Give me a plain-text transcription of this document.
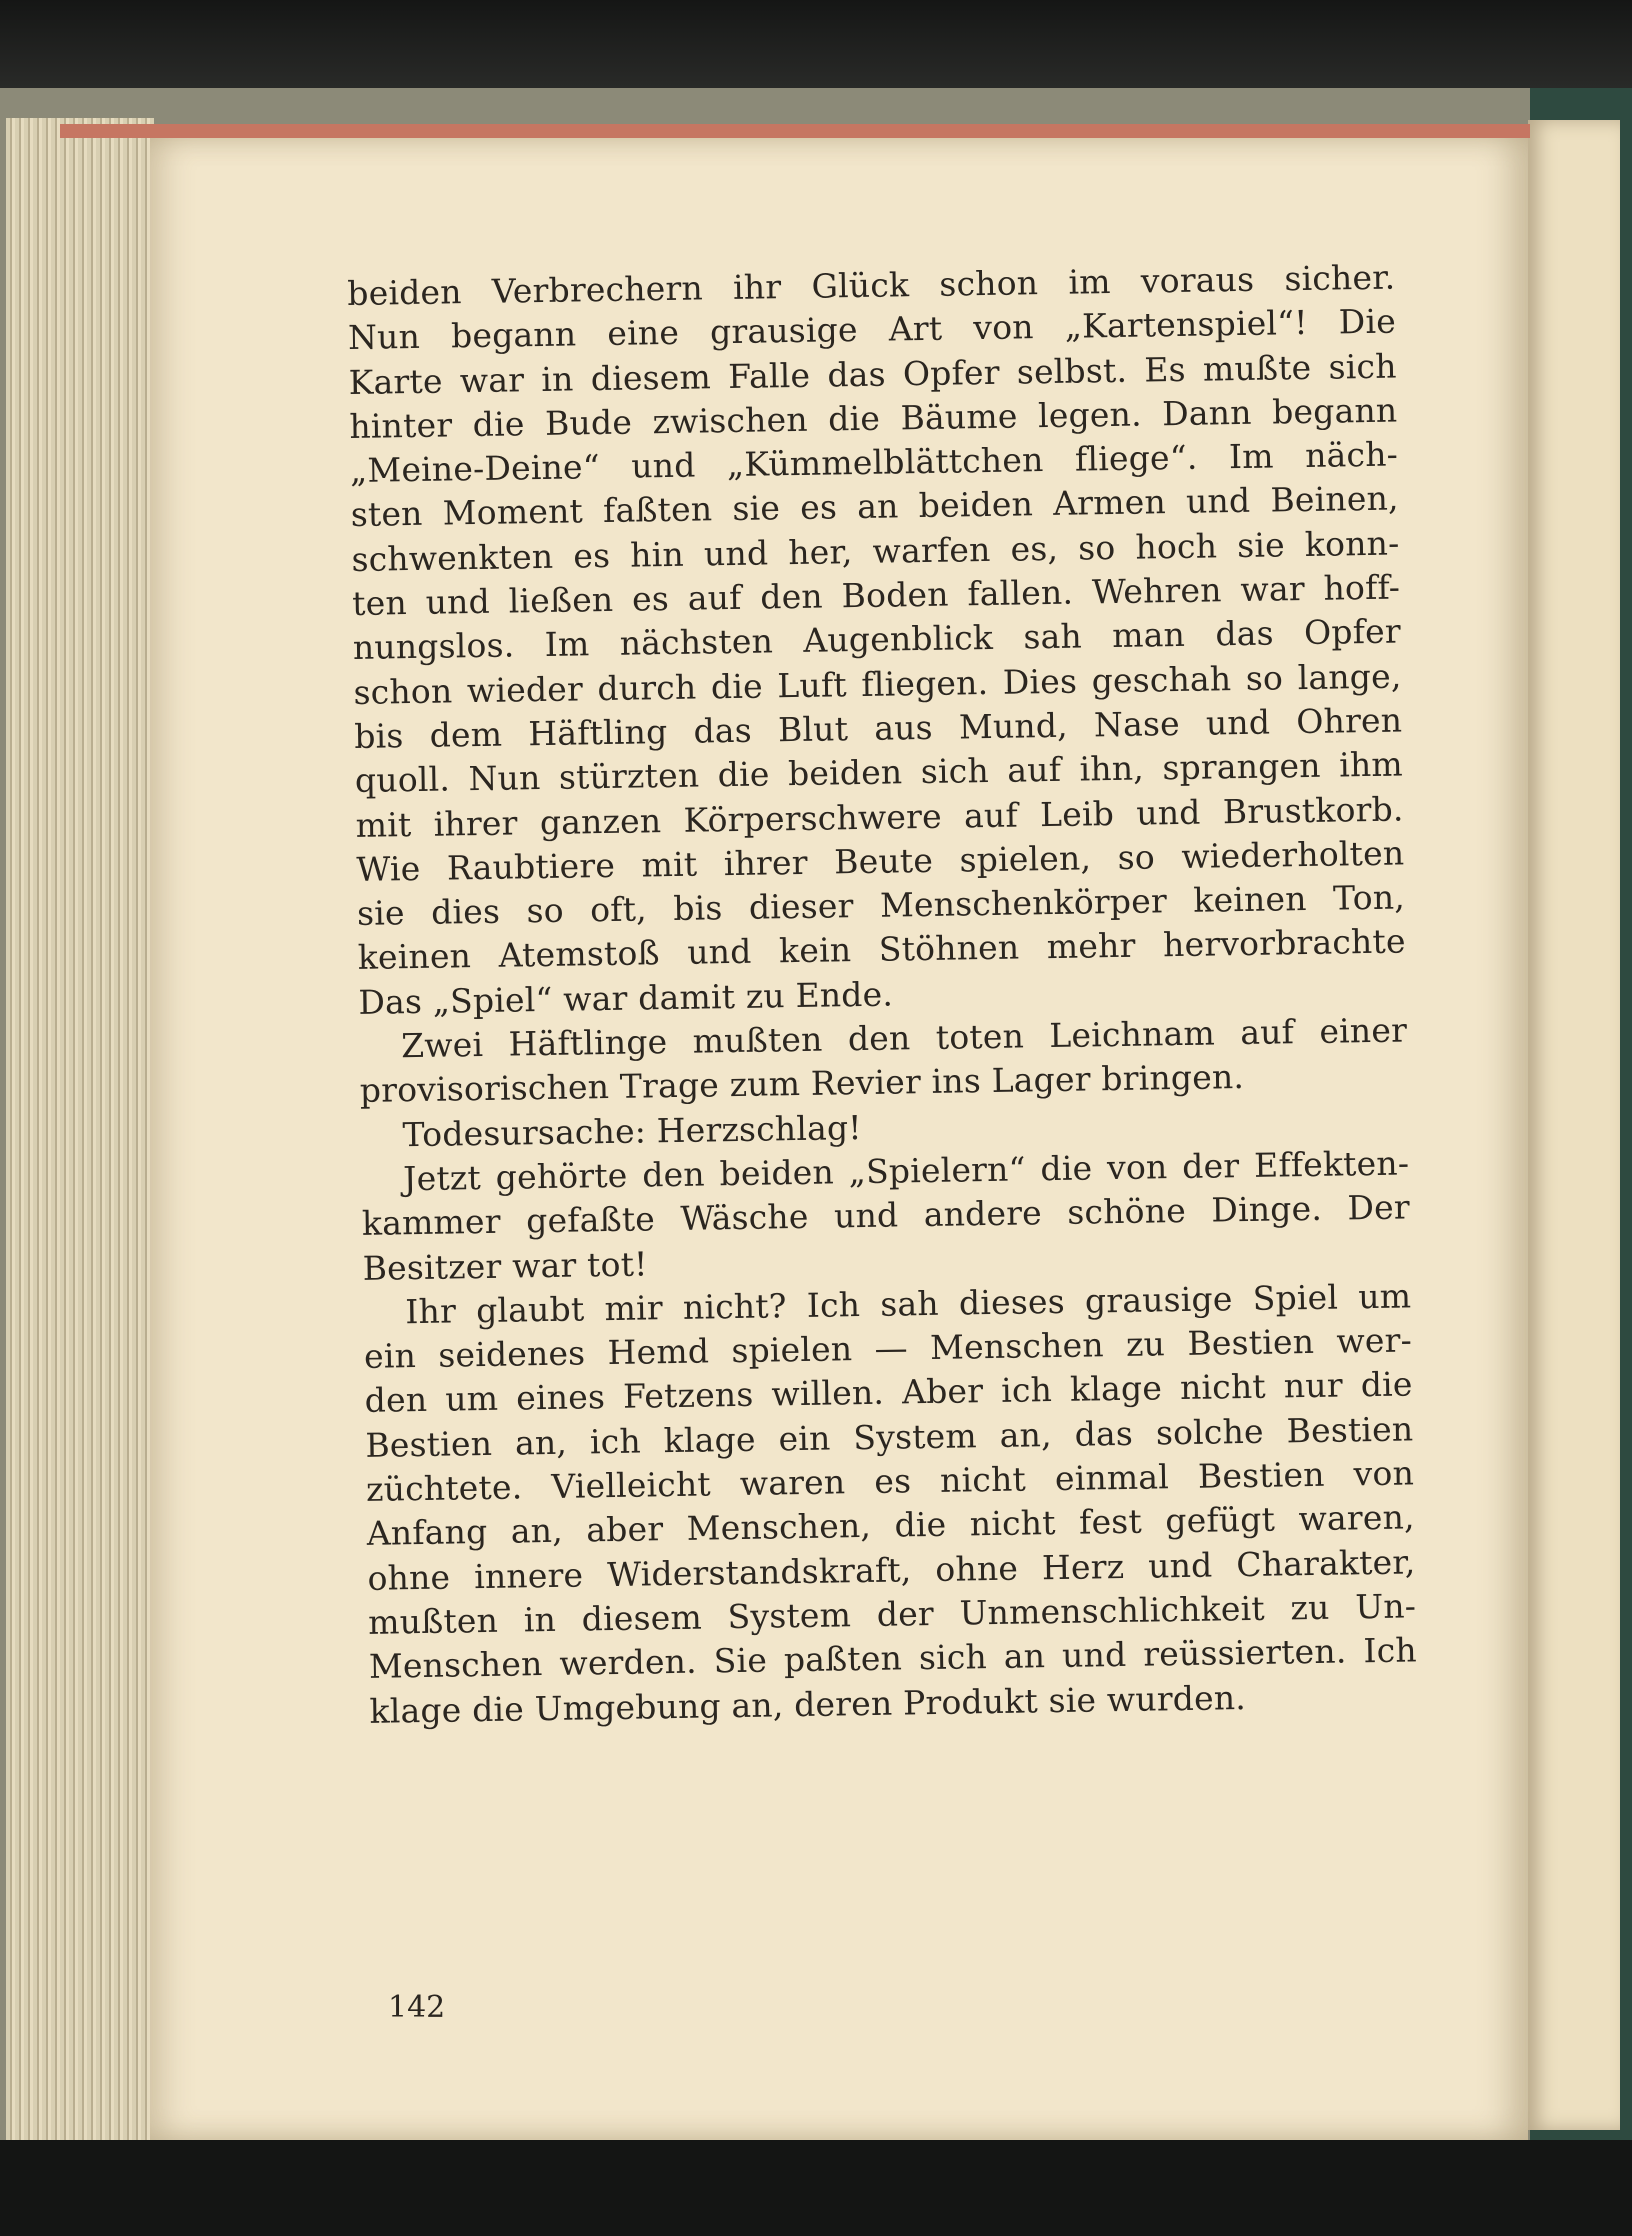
beiden Verbrechern ihr Glück schon im voraus sicher.
Nun begann eine grausige Art von „Kartenspiel“! Die
Karte war in diesem Falle das Opfer selbst. Es mußte sich
hinter die Bude zwischen die Bäume legen. Dann begann
„Meine-Deine“ und „Kümmelblättchen fliege“. Im näch-
sten Moment faßten sie es an beiden Armen und Beinen,
schwenkten es hin und her, warfen es, so hoch sie konn-
ten und ließen es auf den Boden fallen. Wehren war hoff-
nungslos. Im nächsten Augenblick sah man das Opfer
schon wieder durch die Luft fliegen. Dies geschah so lange,
bis dem Häftling das Blut aus Mund, Nase und Ohren
quoll. Nun stürzten die beiden sich auf ihn, sprangen ihm
mit ihrer ganzen Körperschwere auf Leib und Brustkorb.
Wie Raubtiere mit ihrer Beute spielen, so wiederholten
sie dies so oft, bis dieser Menschenkörper keinen Ton,
keinen Atemstoß und kein Stöhnen mehr hervorbrachte
Das „Spiel“ war damit zu Ende.
Zwei Häftlinge mußten den toten Leichnam auf einer
provisorischen Trage zum Revier ins Lager bringen.
Todesursache: Herzschlag!
Jetzt gehörte den beiden „Spielern“ die von der Effekten-
kammer gefaßte Wäsche und andere schöne Dinge. Der
Besitzer war tot!
Ihr glaubt mir nicht? Ich sah dieses grausige Spiel um
ein seidenes Hemd spielen — Menschen zu Bestien wer-
den um eines Fetzens willen. Aber ich klage nicht nur die
Bestien an, ich klage ein System an, das solche Bestien
züchtete. Vielleicht waren es nicht einmal Bestien von
Anfang an, aber Menschen, die nicht fest gefügt waren,
ohne innere Widerstandskraft, ohne Herz und Charakter,
mußten in diesem System der Unmenschlichkeit zu Un-
Menschen werden. Sie paßten sich an und reüssierten. Ich
klage die Umgebung an, deren Produkt sie wurden.
142
